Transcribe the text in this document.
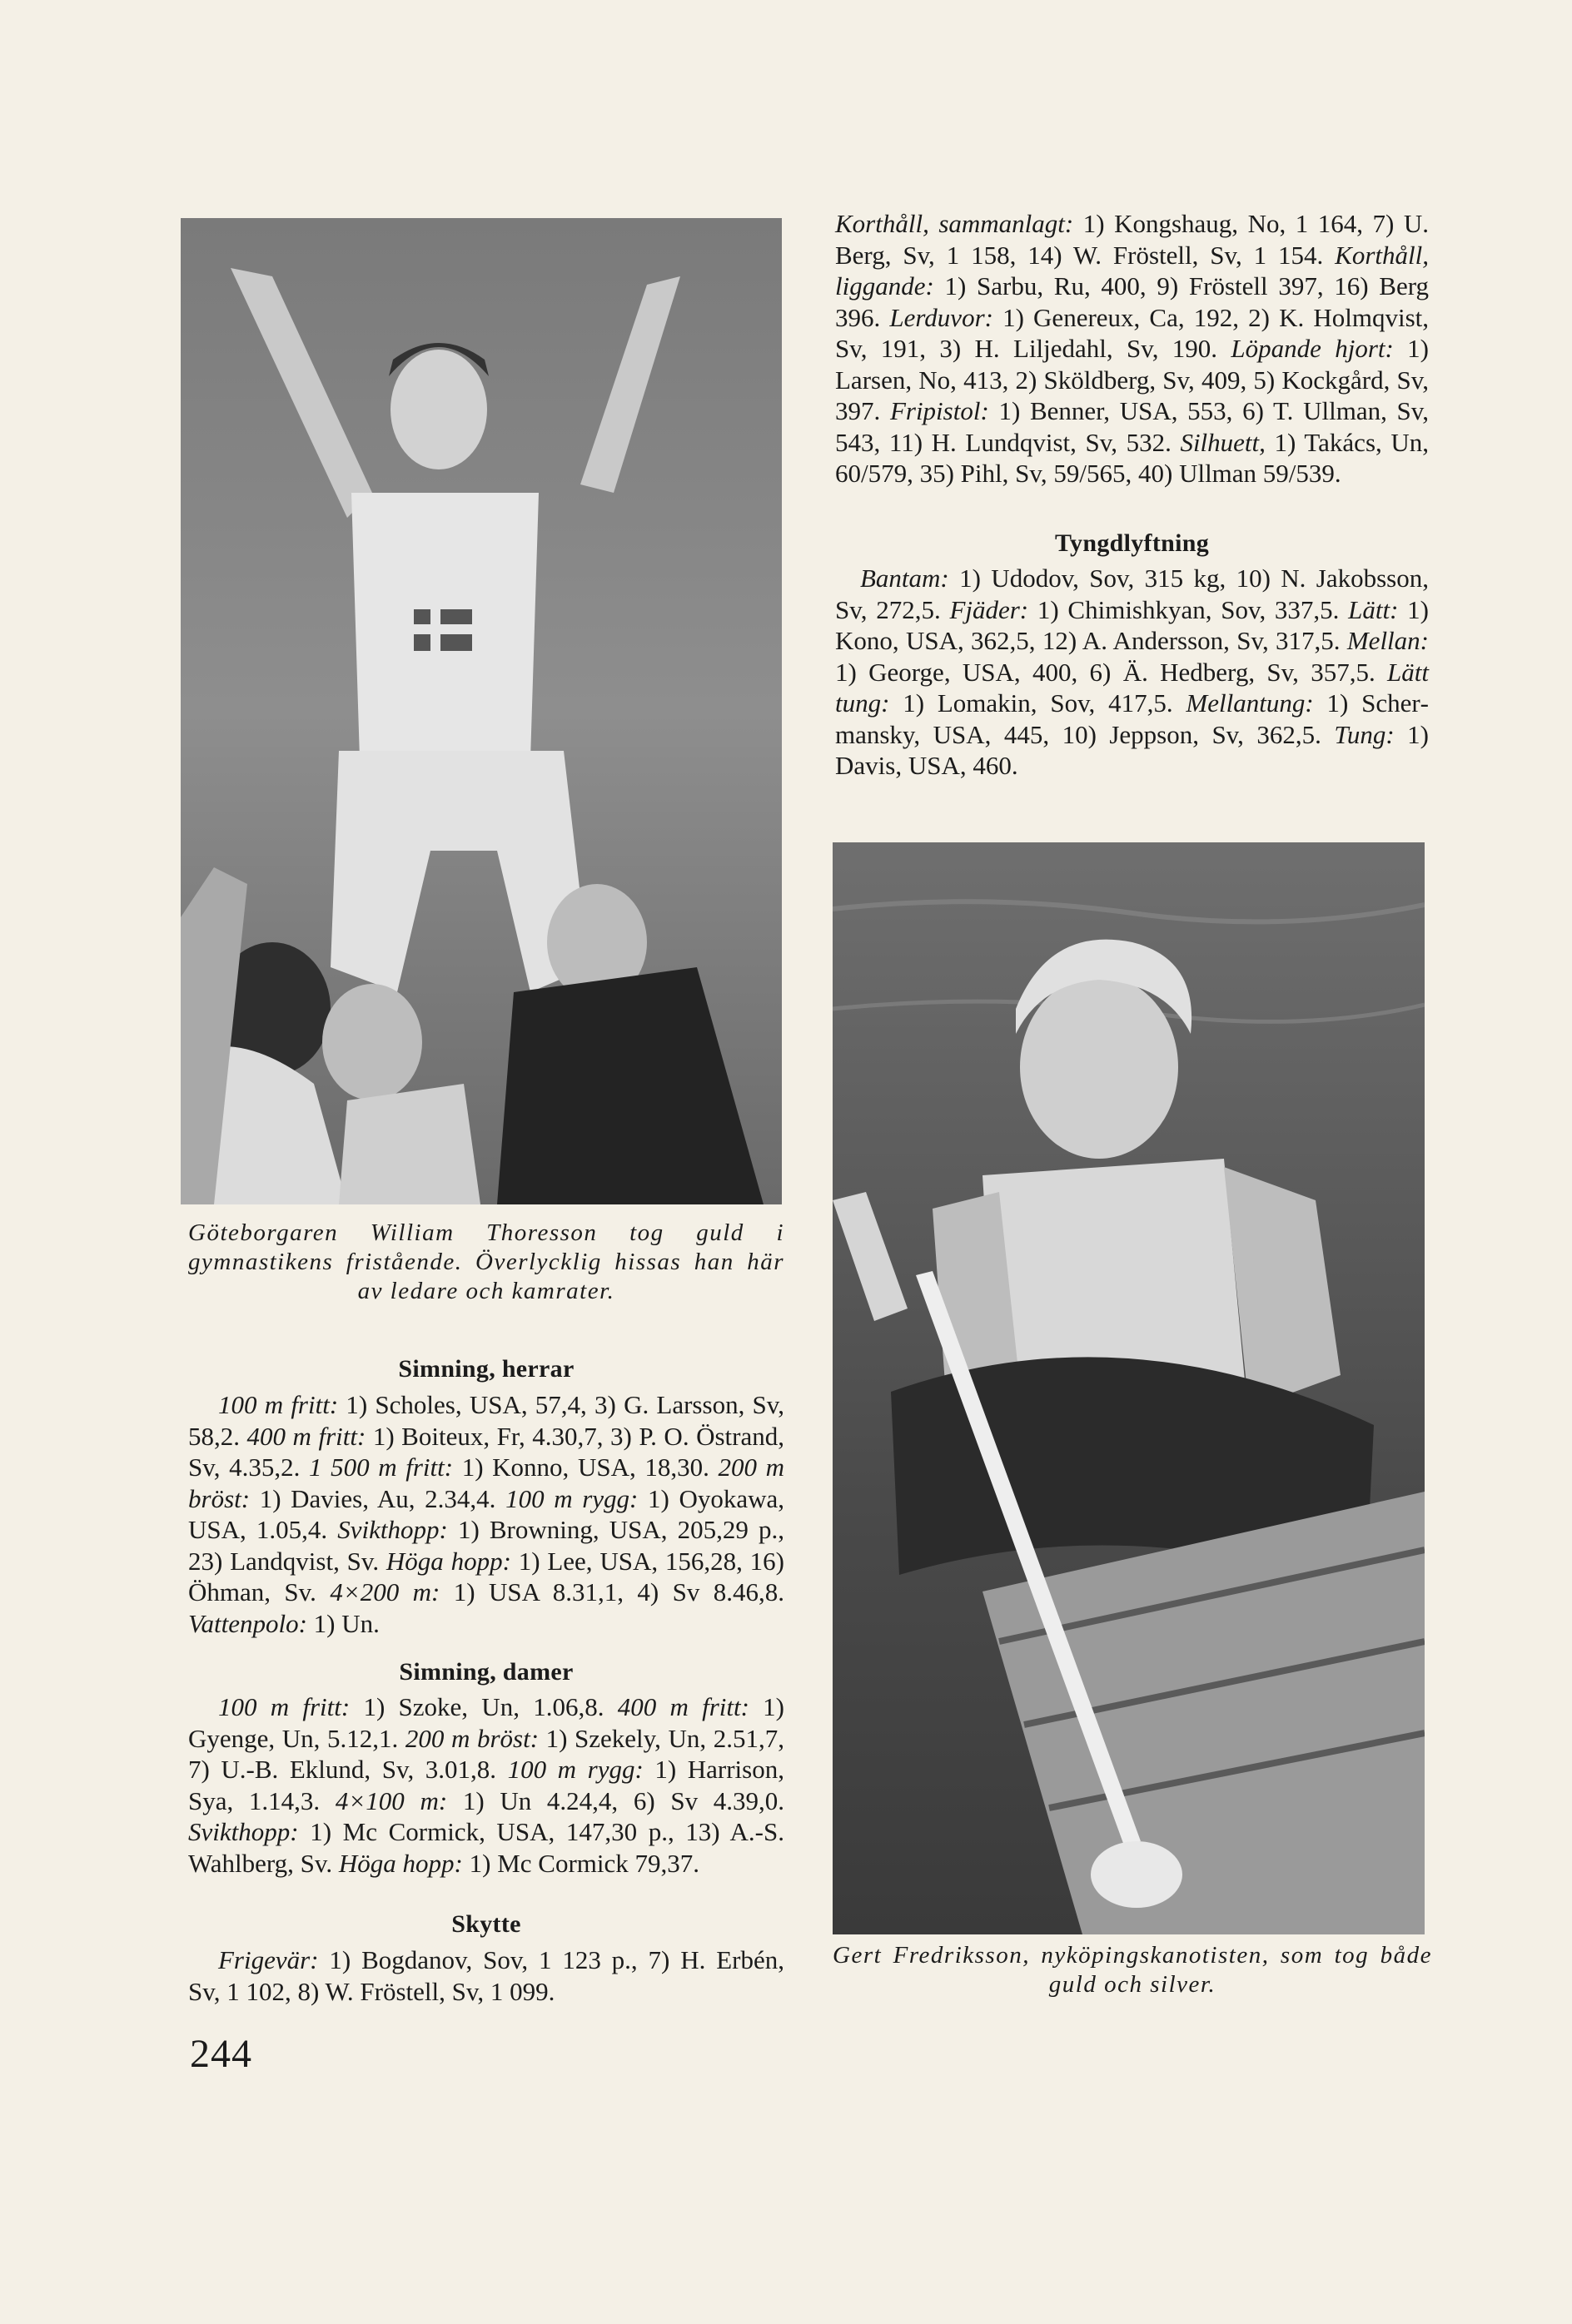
Göteborgaren William Thoresson tog guld i gymnastikens fristående. Överlycklig hissas han här av ledare och kamrater.
Korthåll, sammanlagt: 1) Kongshaug, No, 1 164, 7) U. Berg, Sv, 1 158, 14) W. Fröstell, Sv, 1 154. Korthåll, liggande: 1) Sarbu, Ru, 400, 9) Fröstell 397, 16) Berg 396. Lerduvor: 1) Genereux, Ca, 192, 2) K. Holmqvist, Sv, 191, 3) H. Liljedahl, Sv, 190. Löpande hjort: 1) Larsen, No, 413, 2) Sköldberg, Sv, 409, 5) Kockgård, Sv, 397. Fripistol: 1) Benner, USA, 553, 6) T. Ullman, Sv, 543, 11) H. Lundqvist, Sv, 532. Silhuett, 1) Takács, Un, 60/579, 35) Pihl, Sv, 59/565, 40) Ullman 59/539.
Tyngdlyftning
Bantam: 1) Udodov, Sov, 315 kg, 10) N. Jakobsson, Sv, 272,5. Fjäder: 1) Chimishkyan, Sov, 337,5. Lätt: 1) Kono, USA, 362,5, 12) A. Andersson, Sv, 317,5. Mellan: 1) George, USA, 400, 6) Ä. Hedberg, Sv, 357,5. Lätt tung: 1) Lomakin, Sov, 417,5. Mellantung: 1) Schermansky, USA, 445, 10) Jeppson, Sv, 362,5. Tung: 1) Davis, USA, 460.
Simning, herrar
100 m fritt: 1) Scholes, USA, 57,4, 3) G. Larsson, Sv, 58,2. 400 m fritt: 1) Boiteux, Fr, 4.30,7, 3) P. O. Östrand, Sv, 4.35,2. 1 500 m fritt: 1) Konno, USA, 18,30. 200 m bröst: 1) Davies, Au, 2.34,4. 100 m rygg: 1) Oyokawa, USA, 1.05,4. Svikthopp: 1) Browning, USA, 205,29 p., 23) Landqvist, Sv. Höga hopp: 1) Lee, USA, 156,28, 16) Öhman, Sv. 4×200 m: 1) USA 8.31,1, 4) Sv 8.46,8. Vattenpolo: 1) Un.
Simning, damer
100 m fritt: 1) Szoke, Un, 1.06,8. 400 m fritt: 1) Gyenge, Un, 5.12,1. 200 m bröst: 1) Szekely, Un, 2.51,7, 7) U.-B. Eklund, Sv, 3.01,8. 100 m rygg: 1) Harrison, Sya, 1.14,3. 4×100 m: 1) Un 4.24,4, 6) Sv 4.39,0. Svikthopp: 1) Mc Cormick, USA, 147,30 p., 13) A.-S. Wahlberg, Sv. Höga hopp: 1) Mc Cormick 79,37.
Skytte
Frigevär: 1) Bogdanov, Sov, 1 123 p., 7) H. Erbén, Sv, 1 102, 8) W. Fröstell, Sv, 1 099.
Gert Fredriksson, nyköpingskanotisten, som tog både guld och silver.
244
